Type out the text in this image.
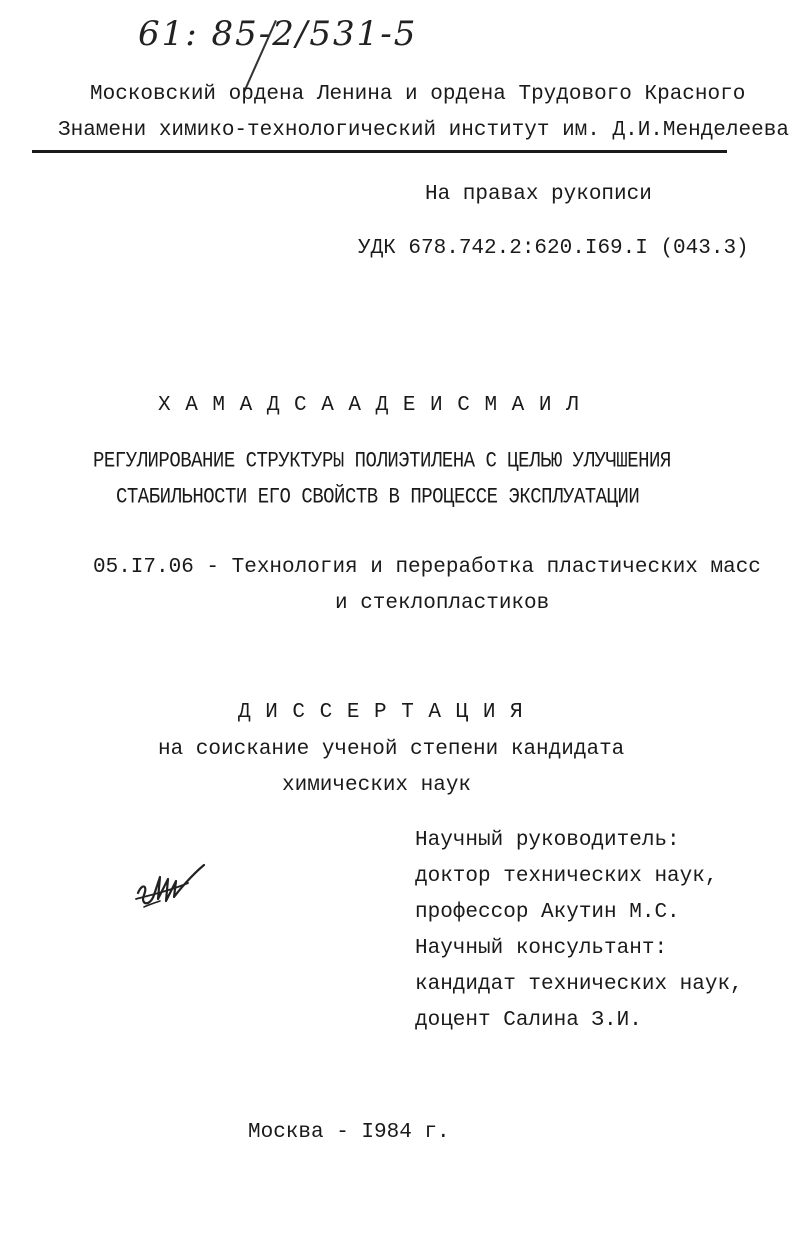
61: 85-2/531-5
Московский ордена Ленина и ордена Трудового Красного
Знамени химико-технологический институт им. Д.И.Менделеева
На правах рукописи
УДК 678.742.2:620.I69.I (043.3)
Х А М А Д С А А Д Е И С М А И Л
РЕГУЛИРОВАНИЕ СТРУКТУРЫ ПОЛИЭТИЛЕНА С ЦЕЛЬЮ УЛУЧШЕНИЯ
СТАБИЛЬНОСТИ ЕГО СВОЙСТВ В ПРОЦЕССЕ ЭКСПЛУАТАЦИИ
05.I7.06 - Технология и переработка пластических масс
и стеклопластиков
Д И С С Е Р Т А Ц И Я
на соискание ученой степени кандидата
химических наук
Научный руководитель:
доктор технических наук,
профессор Акутин М.С.
Научный консультант:
кандидат технических наук,
доцент Салина З.И.
Москва - I984 г.
